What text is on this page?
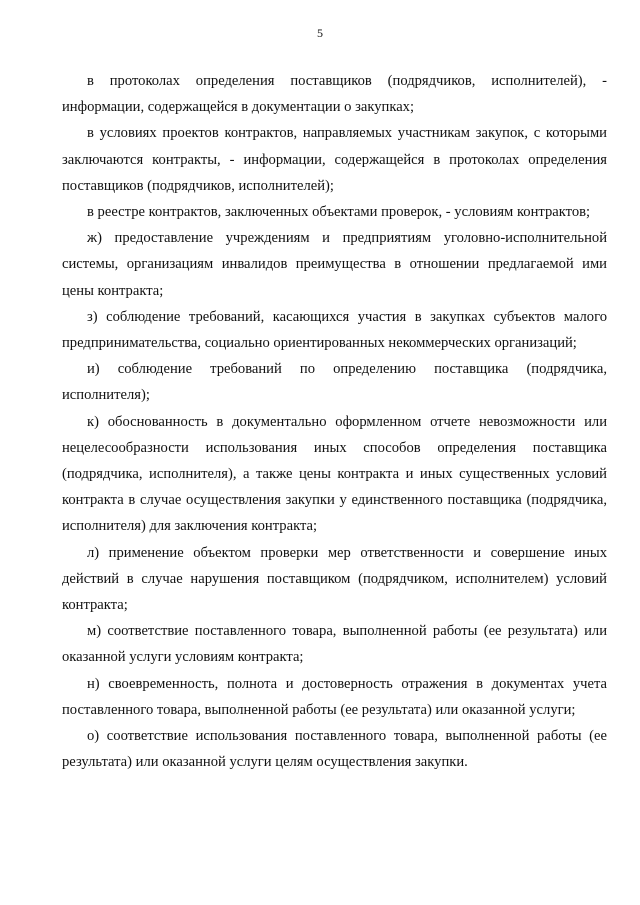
5

в протоколах определения поставщиков (подрядчиков, исполнителей), - информации, содержащейся в документации о закупках;

в условиях проектов контрактов, направляемых участникам закупок, с которыми заключаются контракты, - информации, содержащейся в протоколах определения поставщиков (подрядчиков, исполнителей);

в реестре контрактов, заключенных объектами проверок, - условиям контрактов;

ж) предоставление учреждениям и предприятиям уголовно-исполнительной системы, организациям инвалидов преимущества в отношении предлагаемой ими цены контракта;

з) соблюдение требований, касающихся участия в закупках субъектов малого предпринимательства, социально ориентированных некоммерческих организаций;

и) соблюдение требований по определению поставщика (подрядчика, исполнителя);

к) обоснованность в документально оформленном отчете невозможности или нецелесообразности использования иных способов определения поставщика (подрядчика, исполнителя), а также цены контракта и иных существенных условий контракта в случае осуществления закупки у единственного поставщика (подрядчика, исполнителя) для заключения контракта;

л) применение объектом проверки мер ответственности и совершение иных действий в случае нарушения поставщиком (подрядчиком, исполнителем) условий контракта;

м) соответствие поставленного товара, выполненной работы (ее результата) или оказанной услуги условиям контракта;

н) своевременность, полнота и достоверность отражения в документах учета поставленного товара, выполненной работы (ее результата) или оказанной услуги;

о) соответствие использования поставленного товара, выполненной работы (ее результата) или оказанной услуги целям осуществления закупки.
